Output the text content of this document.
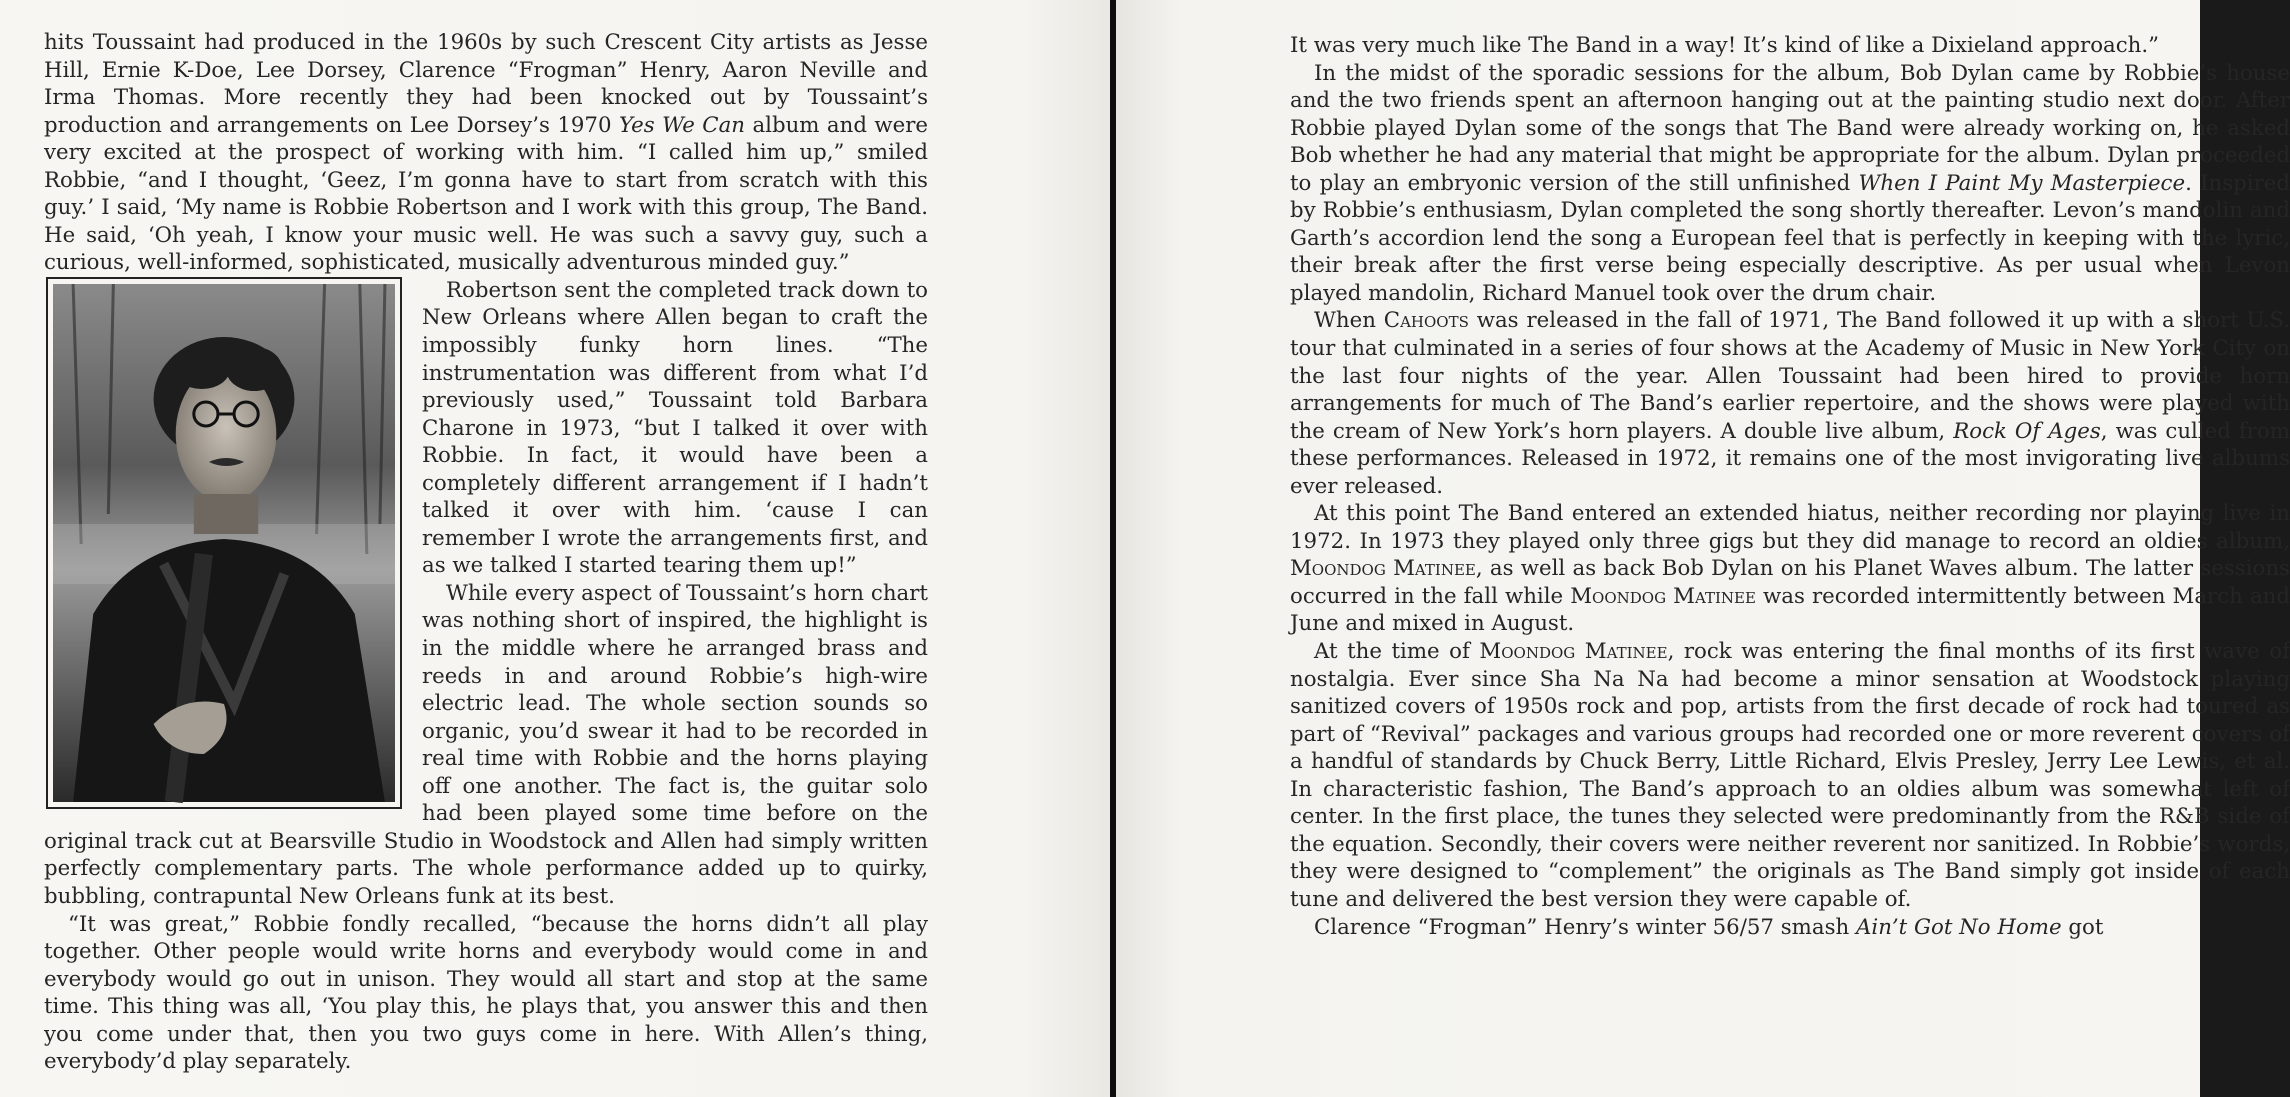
hits Toussaint had produced in the 1960s by such Crescent City artists as Jesse Hill, Ernie K-Doe, Lee Dorsey, Clarence “Frogman” Henry, Aaron Neville and Irma Thomas. More recently they had been knocked out by Toussaint’s production and arrangements on Lee Dorsey’s 1970 Yes We Can album and were very excited at the prospect of working with him. “I called him up,” smiled Robbie, “and I thought, ‘Geez, I’m gonna have to start from scratch with this guy.’ I said, ‘My name is Robbie Robertson and I work with this group, The Band. He said, ‘Oh yeah, I know your music well. He was such a savvy guy, such a curious, well-informed, sophisticated, musically adventurous minded guy.”

Robertson sent the completed track down to New Orleans where Allen began to craft the impossibly funky horn lines. “The instrumentation was different from what I’d previously used,” Toussaint told Barbara Charone in 1973, “but I talked it over with Robbie. In fact, it would have been a completely different arrangement if I hadn’t talked it over with him. ‘cause I can remember I wrote the arrangements first, and as we talked I started tearing them up!”

While every aspect of Toussaint’s horn chart was nothing short of inspired, the highlight is in the middle where he arranged brass and reeds in and around Robbie’s high-wire electric lead. The whole section sounds so organic, you’d swear it had to be recorded in real time with Robbie and the horns playing off one another. The fact is, the guitar solo had been played some time before on the original track cut at Bearsville Studio in Woodstock and Allen had simply written perfectly complementary parts. The whole performance added up to quirky, bubbling, contrapuntal New Orleans funk at its best.

“It was great,” Robbie fondly recalled, “because the horns didn’t all play together. Other people would write horns and everybody would come in and everybody would go out in unison. They would all start and stop at the same time. This thing was all, ‘You play this, he plays that, you answer this and then you come under that, then you two guys come in here. With Allen’s thing, everybody’d play separately.

It was very much like The Band in a way! It’s kind of like a Dixieland approach.”

In the midst of the sporadic sessions for the album, Bob Dylan came by Robbie’s house and the two friends spent an afternoon hanging out at the painting studio next door. After Robbie played Dylan some of the songs that The Band were already working on, he asked Bob whether he had any material that might be appropriate for the album. Dylan proceeded to play an embryonic version of the still unfinished When I Paint My Masterpiece. Inspired by Robbie’s enthusiasm, Dylan completed the song shortly thereafter. Levon’s mandolin and Garth’s accordion lend the song a European feel that is perfectly in keeping with the lyric, their break after the first verse being especially descriptive. As per usual when Levon played mandolin, Richard Manuel took over the drum chair.

When Cahoots was released in the fall of 1971, The Band followed it up with a short U.S. tour that culminated in a series of four shows at the Academy of Music in New York City on the last four nights of the year. Allen Toussaint had been hired to provide horn arrangements for much of The Band’s earlier repertoire, and the shows were played with the cream of New York’s horn players. A double live album, Rock Of Ages, was culled from these performances. Released in 1972, it remains one of the most invigorating live albums ever released.

At this point The Band entered an extended hiatus, neither recording nor playing live in 1972. In 1973 they played only three gigs but they did manage to record an oldies album, Moondog Matinee, as well as back Bob Dylan on his Planet Waves album. The latter sessions occurred in the fall while Moondog Matinee was recorded intermittently between March and June and mixed in August.

At the time of Moondog Matinee, rock was entering the final months of its first wave of nostalgia. Ever since Sha Na Na had become a minor sensation at Woodstock playing sanitized covers of 1950s rock and pop, artists from the first decade of rock had toured as part of “Revival” packages and various groups had recorded one or more reverent covers of a handful of standards by Chuck Berry, Little Richard, Elvis Presley, Jerry Lee Lewis, et al. In characteristic fashion, The Band’s approach to an oldies album was somewhat left of center. In the first place, the tunes they selected were predominantly from the R&B side of the equation. Secondly, their covers were neither reverent nor sanitized. In Robbie’s words, they were designed to “complement” the originals as The Band simply got inside of each tune and delivered the best version they were capable of.

Clarence “Frogman” Henry’s winter 56/57 smash Ain’t Got No Home got
